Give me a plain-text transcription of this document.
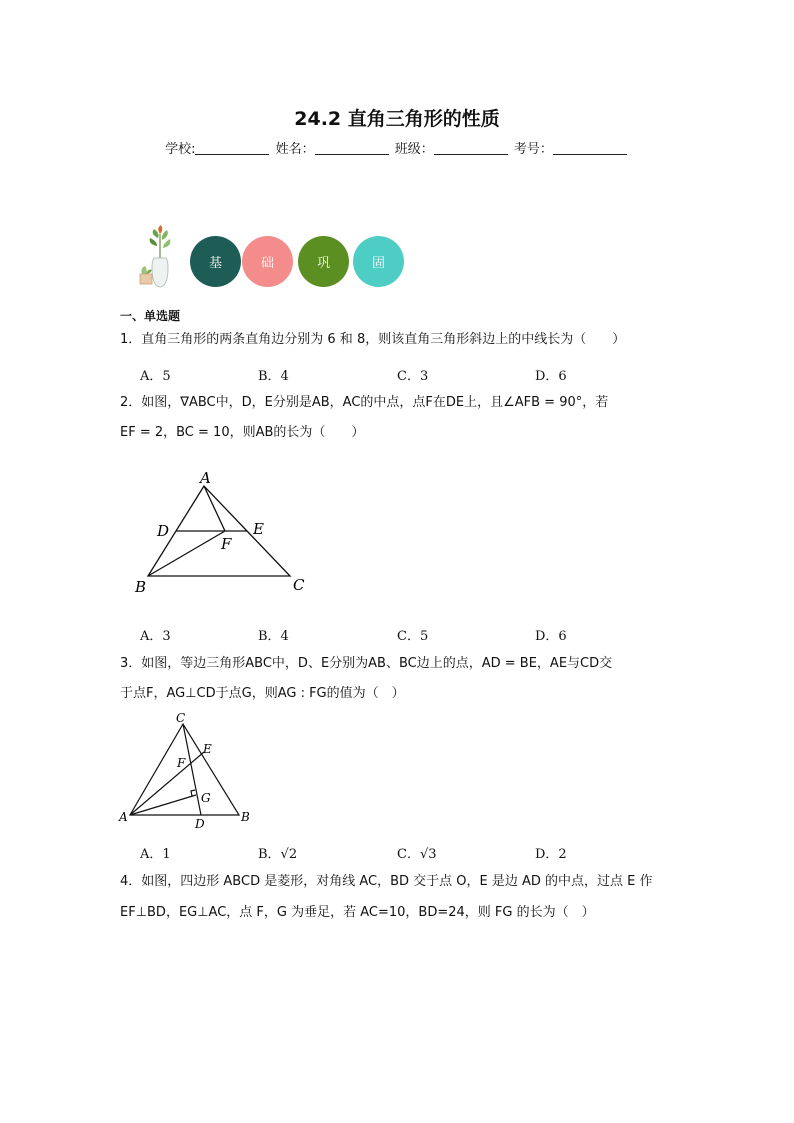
24.2 直角三角形的性质
学校:	姓名：	班级：	考号：
基	础	巩	固
一、单选题
1．直角三角形的两条直角边分别为 6 和 8，则该直角三角形斜边上的中线长为（　　）
A．5	B．4	C．3	D．6
2．如图，∇ABC中，D，E分别是AB，AC的中点，点F在DE上，且∠AFB = 90°，若
EF = 2，BC = 10，则AB的长为（　　）
A
D	E
F
B	C
A．3	B．4	C．5	D．6
3．如图，等边三角形ABC中，D、E分别为AB、BC边上的点，AD = BE，AE与CD交
于点F，AG⊥CD于点G，则AG : FG的值为（　）
C
E
F
G
A	D	B
A．1	B．√2	C．√3	D．2
4．如图，四边形 ABCD 是菱形，对角线 AC，BD 交于点 O，E 是边 AD 的中点，过点 E 作
EF⊥BD，EG⊥AC，点 F，G 为垂足，若 AC=10，BD=24，则 FG 的长为（　）
